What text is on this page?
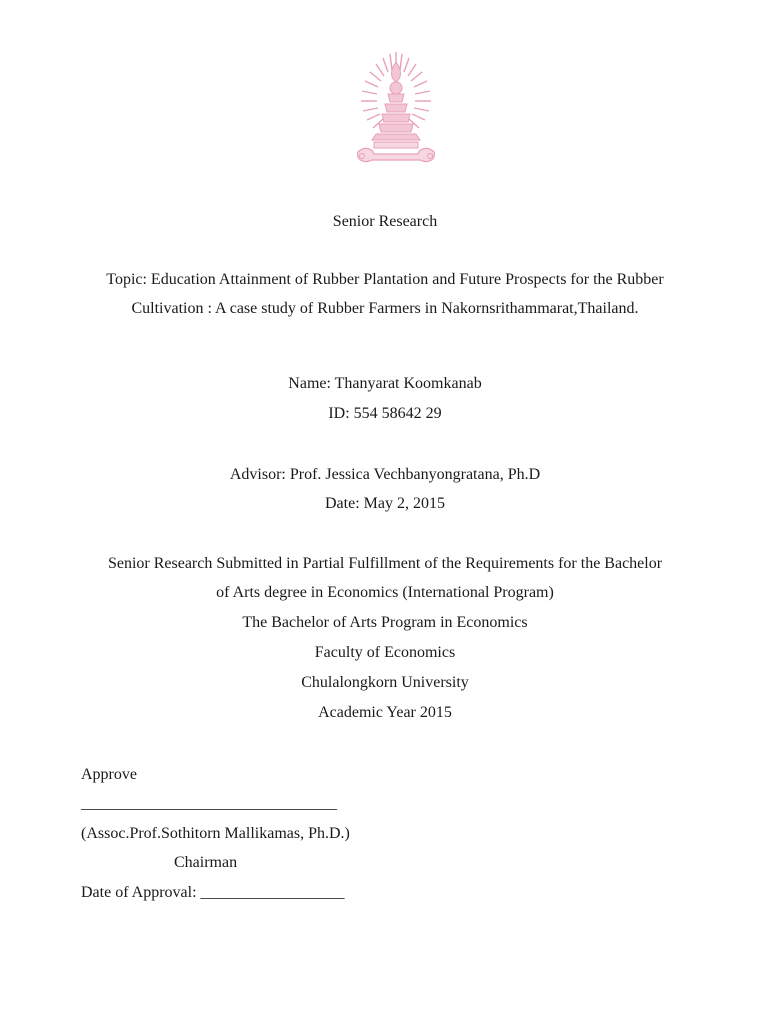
Senior Research
Topic: Education Attainment of Rubber Plantation and Future Prospects for the Rubber
Cultivation : A case study of Rubber Farmers in Nakornsrithammarat,Thailand.
Name: Thanyarat Koomkanab
ID: 554 58642 29
Advisor: Prof. Jessica Vechbanyongratana, Ph.D
Date: May 2, 2015
Senior Research Submitted in Partial Fulfillment of the Requirements for the Bachelor
of Arts degree in Economics (International Program)
The Bachelor of Arts Program in Economics
Faculty of Economics
Chulalongkorn University
Academic Year 2015
Approve
________________________________
(Assoc.Prof.Sothitorn Mallikamas, Ph.D.)
Chairman
Date of Approval: __________________
